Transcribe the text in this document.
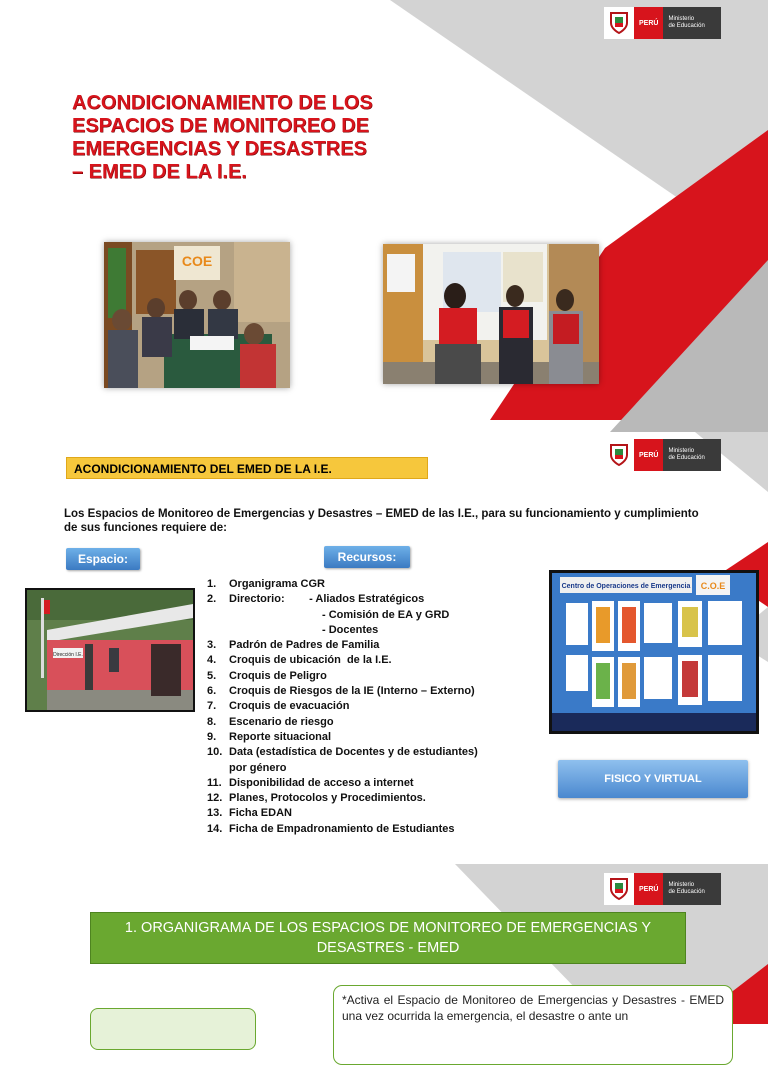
PERÚ
Ministerio
de Educación
ACONDICIONAMIENTO DE LOS
ESPACIOS DE MONITOREO DE
EMERGENCIAS Y DESASTRES
– EMED DE LA I.E.
COE
PERÚ
Ministerio
de Educación
ACONDICIONAMIENTO DEL EMED DE LA I.E.

Los Espacios de Monitoreo de Emergencias y Desastres – EMED de las I.E., para su funcionamiento y cumplimiento de sus funciones requiere de:

Espacio:	Recursos:
Dirección I.E.
1. Organigrama CGR
2. Directorio:        - Aliados Estratégicos
- Comisión de EA y GRD
- Docentes
3. Padrón de Padres de Familia
4. Croquis de ubicación  de la I.E.
5. Croquis de Peligro
6. Croquis de Riesgos de la IE (Interno – Externo)
7. Croquis de evacuación
8. Escenario de riesgo
9. Reporte situacional
10. Data (estadística de Docentes y de estudiantes)
por género
11. Disponibilidad de acceso a internet
12. Planes, Protocolos y Procedimientos.
13. Ficha EDAN
14. Ficha de Empadronamiento de Estudiantes
Centro de Operaciones de Emergencia C.O.E
FISICO Y VIRTUAL
PERÚ
Ministerio
de Educación
1. ORGANIGRAMA DE LOS ESPACIOS DE MONITOREO DE EMERGENCIAS Y DESASTRES - EMED

*Activa el Espacio de Monitoreo de Emergencias y Desastres - EMED una vez ocurrida la emergencia, el desastre o ante un
